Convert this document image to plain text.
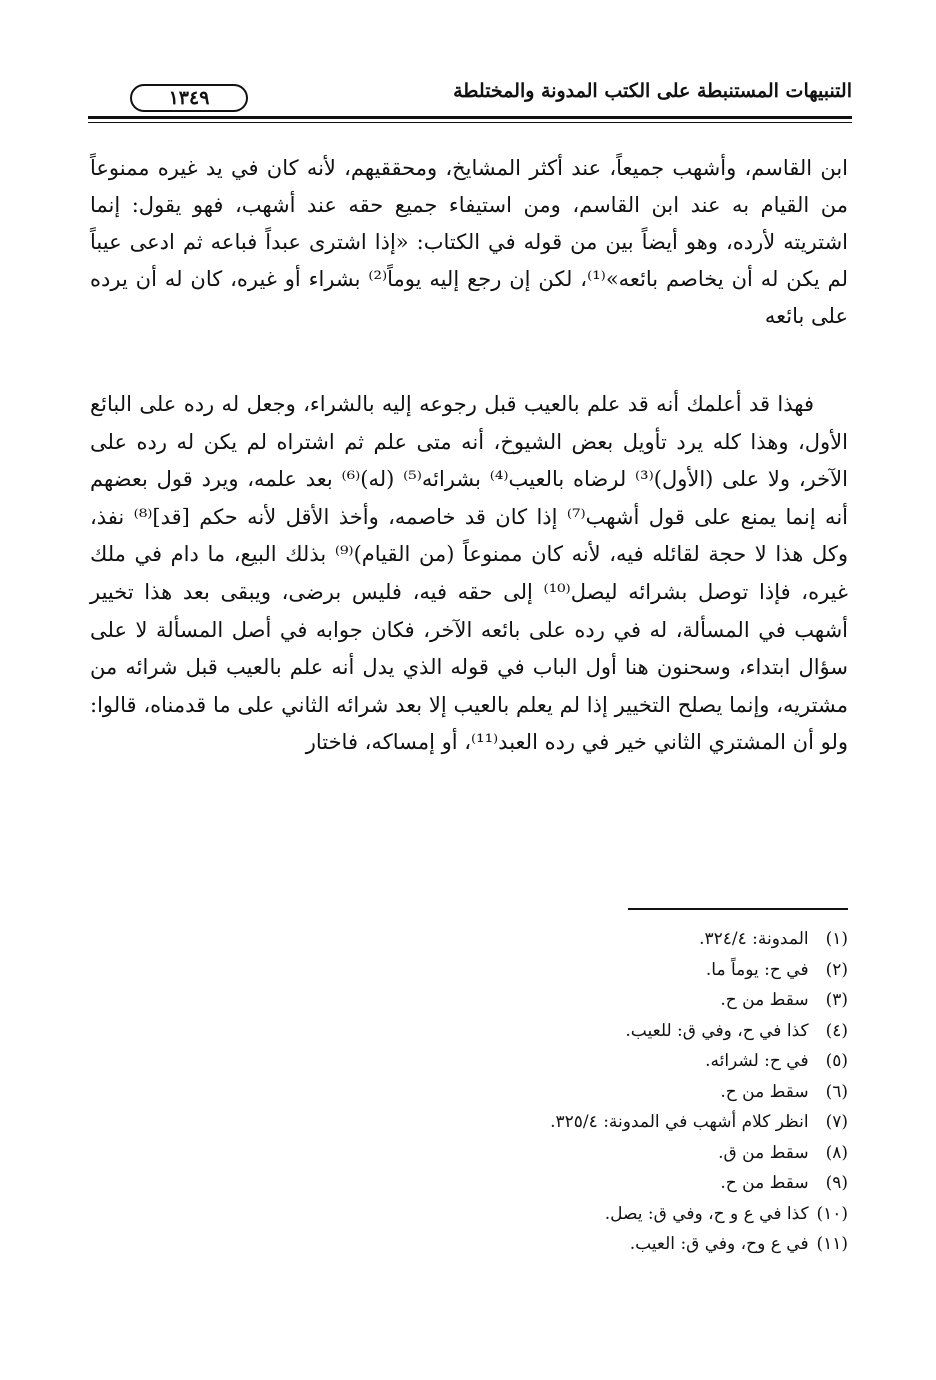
التنبيهات المستنبطة على الكتب المدونة والمختلطة
١٣٤٩

ابن القاسم، وأشهب جميعاً، عند أكثر المشايخ، ومحققيهم، لأنه كان في يد غيره ممنوعاً من القيام به عند ابن القاسم، ومن استيفاء جميع حقه عند أشهب، فهو يقول: إنما اشتريته لأرده، وهو أيضاً بين من قوله في الكتاب: «إذا اشترى عبداً فباعه ثم ادعى عيباً لم يكن له أن يخاصم بائعه»⁽¹⁾، لكن إن رجع إليه يوماً⁽²⁾ بشراء أو غيره، كان له أن يرده على بائعه

فهذا قد أعلمك أنه قد علم بالعيب قبل رجوعه إليه بالشراء، وجعل له رده على البائع الأول، وهذا كله يرد تأويل بعض الشيوخ، أنه متى علم ثم اشتراه لم يكن له رده على الآخر، ولا على (الأول)⁽³⁾ لرضاه بالعيب⁽⁴⁾ بشرائه⁽⁵⁾ (له)⁽⁶⁾ بعد علمه، ويرد قول بعضهم أنه إنما يمنع على قول أشهب⁽⁷⁾ إذا كان قد خاصمه، وأخذ الأقل لأنه حكم [قد]⁽⁸⁾ نفذ، وكل هذا لا حجة لقائله فيه، لأنه كان ممنوعاً (من القيام)⁽⁹⁾ بذلك البيع، ما دام في ملك غيره، فإذا توصل بشرائه ليصل⁽¹⁰⁾ إلى حقه فيه، فليس برضى، ويبقى بعد هذا تخيير أشهب في المسألة، له في رده على بائعه الآخر، فكان جوابه في أصل المسألة لا على سؤال ابتداء، وسحنون هنا أول الباب في قوله الذي يدل أنه علم بالعيب قبل شرائه من مشتريه، وإنما يصلح التخيير إذا لم يعلم بالعيب إلا بعد شرائه الثاني على ما قدمناه، قالوا: ولو أن المشتري الثاني خير في رده العبد⁽¹¹⁾، أو إمساكه، فاختار

(١) المدونة: ٣٢٤/٤.
(٢) في ح: يوماً ما.
(٣) سقط من ح.
(٤) كذا في ح، وفي ق: للعيب.
(٥) في ح: لشرائه.
(٦) سقط من ح.
(٧) انظر كلام أشهب في المدونة: ٣٢٥/٤.
(٨) سقط من ق.
(٩) سقط من ح.
(١٠) كذا في ع و ح، وفي ق: يصل.
(١١) في ع وح، وفي ق: العيب.
